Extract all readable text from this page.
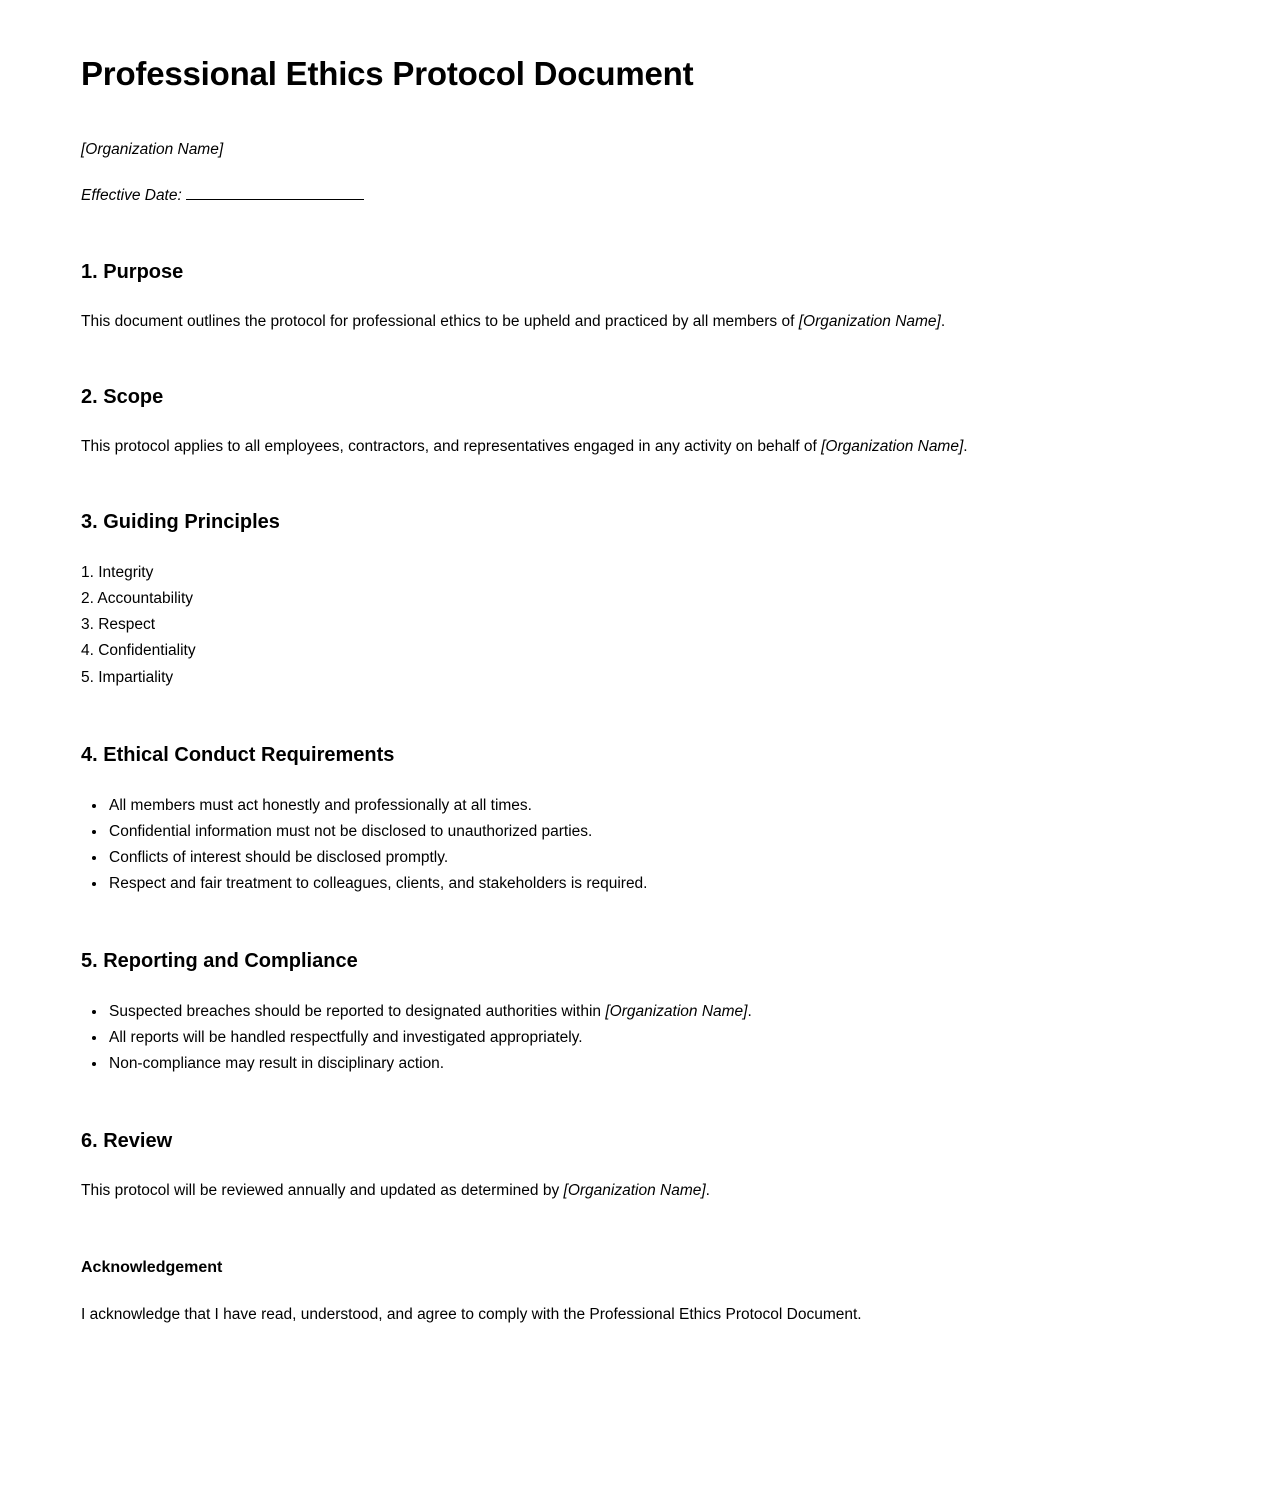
Professional Ethics Protocol Document

[Organization Name]

Effective Date:

1. Purpose

This document outlines the protocol for professional ethics to be upheld and practiced by all members of [Organization Name].

2. Scope

This protocol applies to all employees, contractors, and representatives engaged in any activity on behalf of [Organization Name].

3. Guiding Principles
1. Integrity
2. Accountability
3. Respect
4. Confidentiality
5. Impartiality
4. Ethical Conduct Requirements
• All members must act honestly and professionally at all times.
• Confidential information must not be disclosed to unauthorized parties.
• Conflicts of interest should be disclosed promptly.
• Respect and fair treatment to colleagues, clients, and stakeholders is required.
5. Reporting and Compliance
• Suspected breaches should be reported to designated authorities within [Organization Name].
• All reports will be handled respectfully and investigated appropriately.
• Non-compliance may result in disciplinary action.
6. Review

This protocol will be reviewed annually and updated as determined by [Organization Name].

Acknowledgement

I acknowledge that I have read, understood, and agree to comply with the Professional Ethics Protocol Document.
